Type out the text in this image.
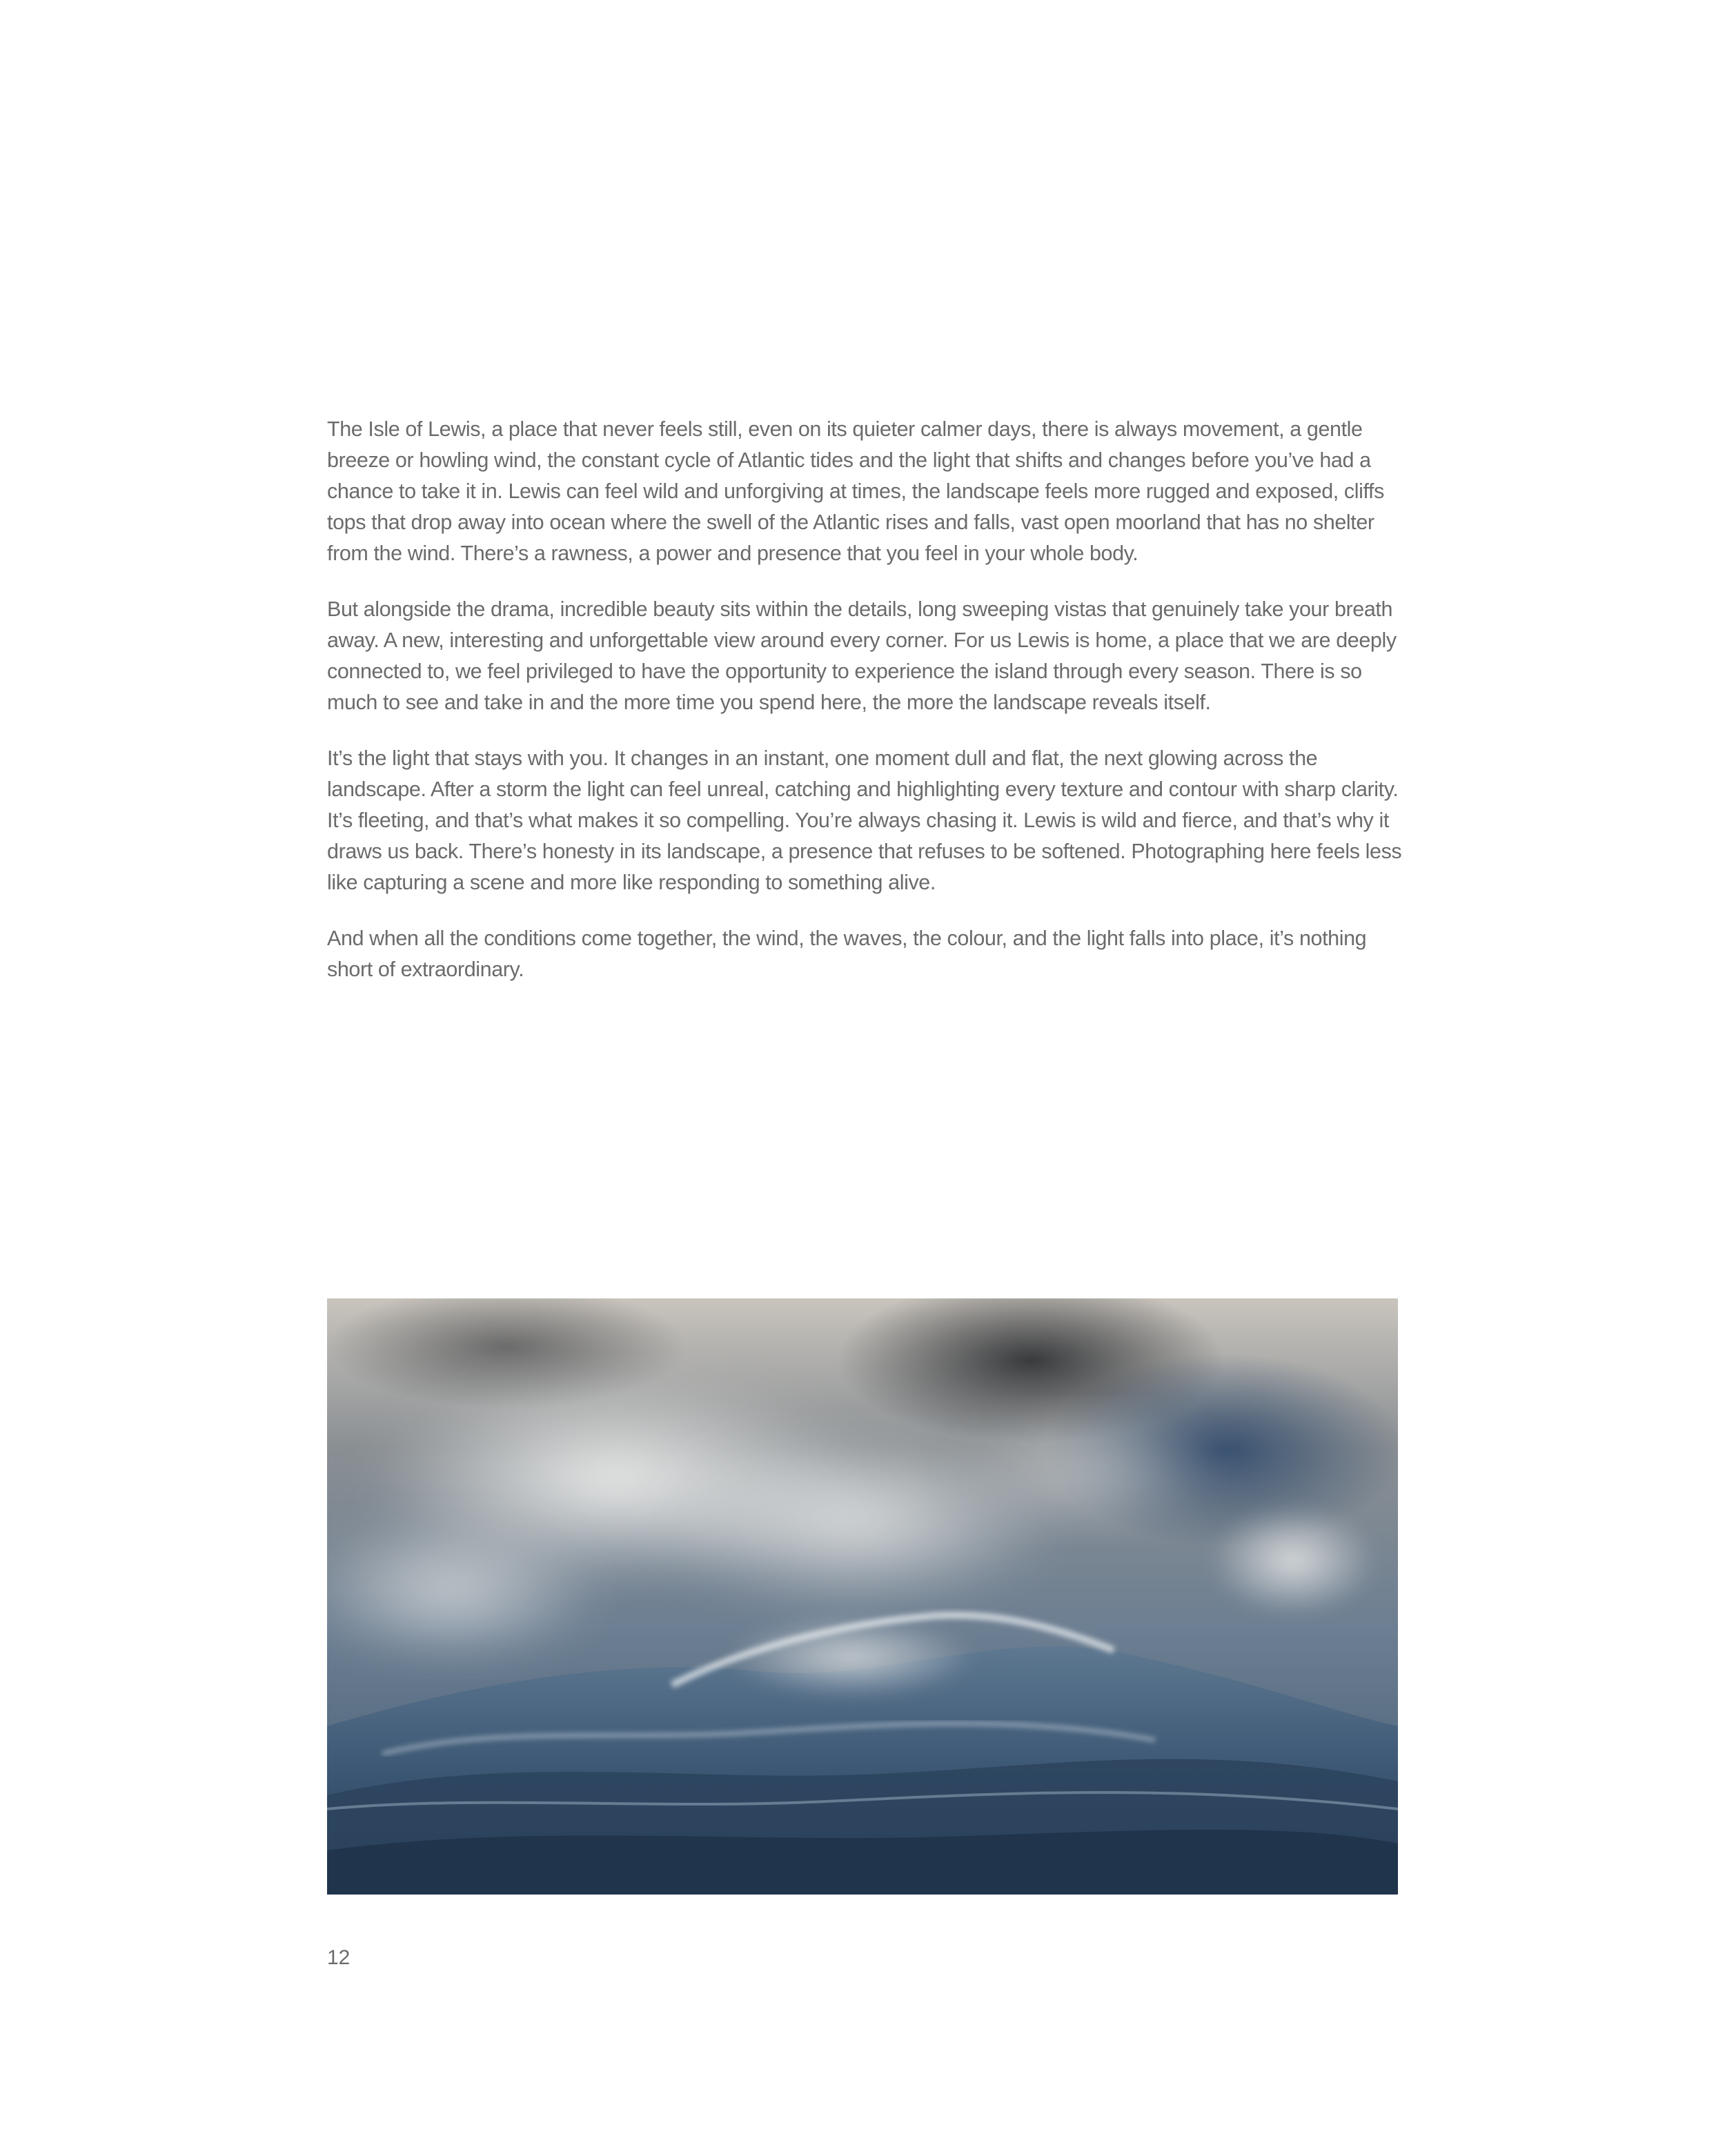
The Isle of Lewis, a place that never feels still, even on its quieter calmer days, there is always movement, a gentle breeze or howling wind, the constant cycle of Atlantic tides and the light that shifts and changes before you’ve had a chance to take it in. Lewis can feel wild and unforgiving at times, the landscape feels more rugged and exposed, cliffs tops that drop away into ocean where the swell of the Atlantic rises and falls, vast open moorland that has no shelter from the wind. There’s a rawness, a power and presence that you feel in your whole body.

But alongside the drama, incredible beauty sits within the details, long sweeping vistas that genuinely take your breath away. A new, interesting and unforgettable view around every corner. For us Lewis is home, a place that we are deeply connected to, we feel privileged to have the opportunity to experience the island through every season. There is so much to see and take in and the more time you spend here, the more the landscape reveals itself.

It’s the light that stays with you. It changes in an instant, one moment dull and flat, the next glowing across the landscape. After a storm the light can feel unreal, catching and highlighting every texture and contour with sharp clarity. It’s fleeting, and that’s what makes it so compelling. You’re always chasing it. Lewis is wild and fierce, and that’s why it draws us back. There’s honesty in its landscape, a presence that refuses to be softened. Photographing here feels less like capturing a scene and more like responding to something alive.

And when all the conditions come together, the wind, the waves, the colour, and the light falls into place, it’s nothing short of extraordinary.

12
